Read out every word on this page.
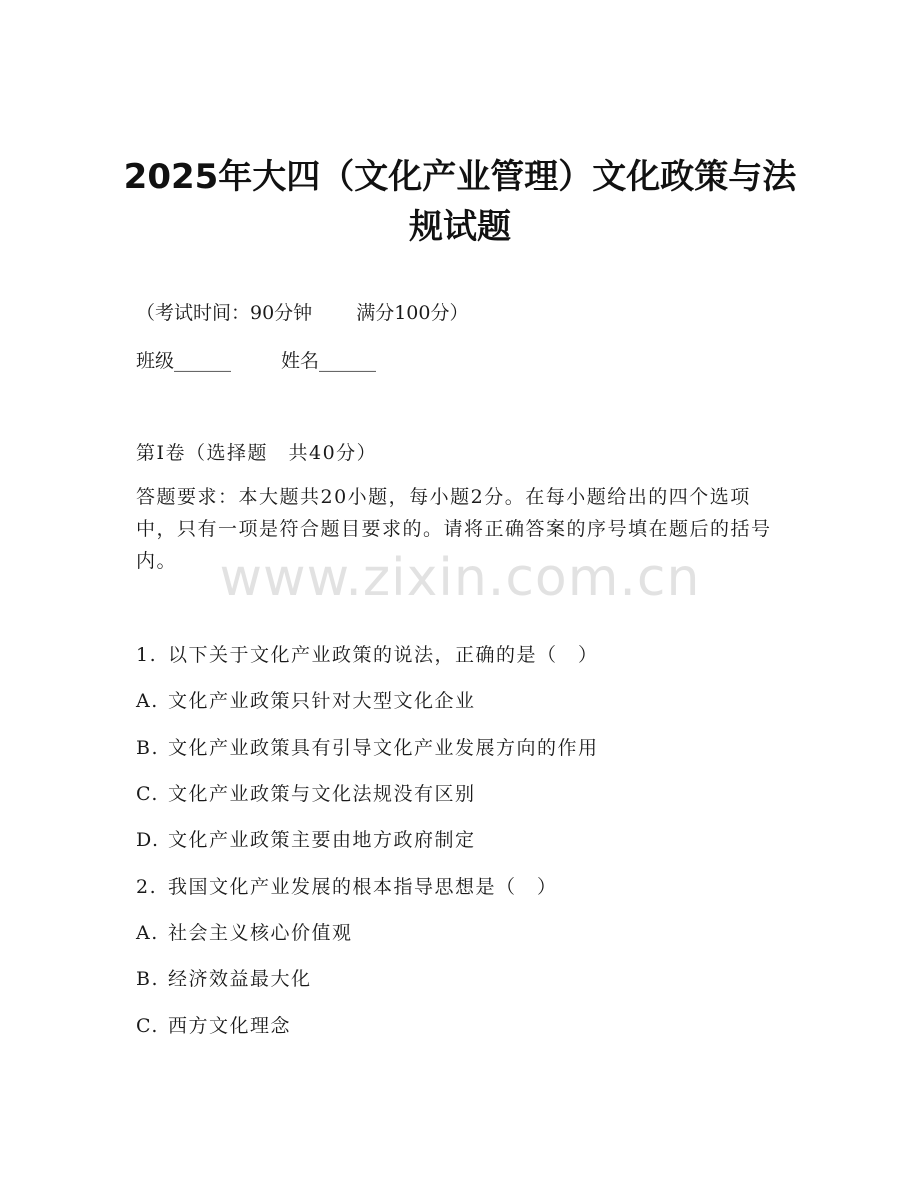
2025年大四（文化产业管理）文化政策与法
规试题
（考试时间：90分钟 满分100分）
班级______	姓名______
第I卷（选择题　共40分）
答题要求：本大题共20小题，每小题2分。在每小题给出的四个选项中，只有一项是符合题目要求的。请将正确答案的序号填在题后的括号内。 www.zixin.com.cn
1. 以下关于文化产业政策的说法，正确的是（　）
A. 文化产业政策只针对大型文化企业
B. 文化产业政策具有引导文化产业发展方向的作用
C. 文化产业政策与文化法规没有区别
D. 文化产业政策主要由地方政府制定
2. 我国文化产业发展的根本指导思想是（　）
A. 社会主义核心价值观
B. 经济效益最大化
C. 西方文化理念
